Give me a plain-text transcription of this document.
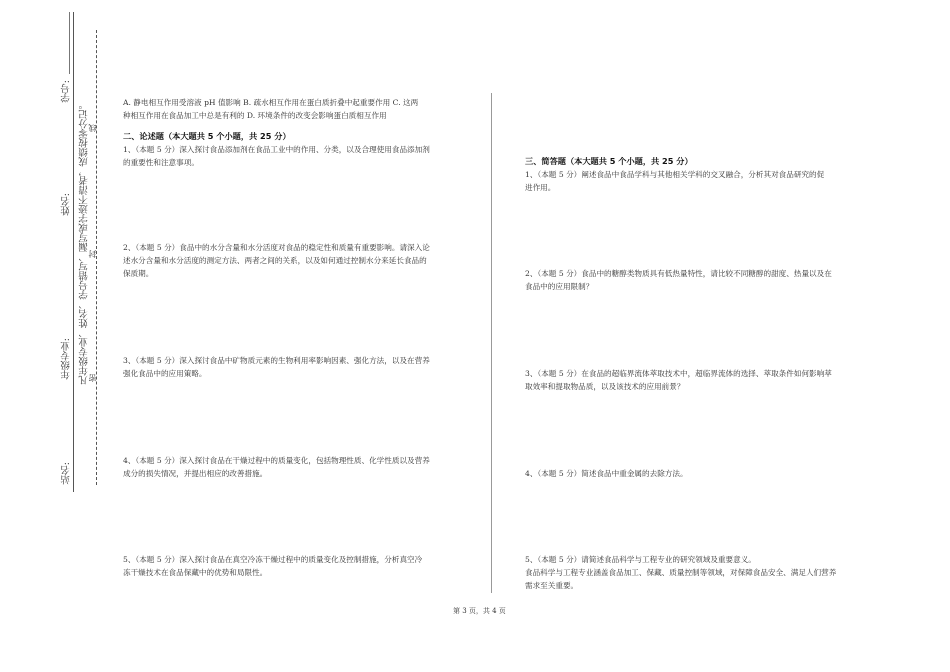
站名:
年级专业:
姓名:
学号:
凡年级专业、姓名、学号错写、漏写或字迹不清者，成绩按零分记。
密
封
线

A. 静电相互作用受溶液 pH 值影响 B. 疏水相互作用在蛋白质折叠中起重要作用 C. 这两

种相互作用在食品加工中总是有利的 D. 环境条件的改变会影响蛋白质相互作用

二、论述题（本大题共 5 个小题，共 25 分）

1、（本题 5 分）深入探讨食品添加剂在食品工业中的作用、分类，以及合理使用食品添加剂

的重要性和注意事项。

2、（本题 5 分）食品中的水分含量和水分活度对食品的稳定性和质量有重要影响。请深入论

述水分含量和水分活度的测定方法、两者之间的关系，以及如何通过控制水分来延长食品的

保质期。

3、（本题 5 分）深入探讨食品中矿物质元素的生物利用率影响因素、强化方法，以及在营养

强化食品中的应用策略。

4、（本题 5 分）深入探讨食品在干燥过程中的质量变化，包括物理性质、化学性质以及营养

成分的损失情况，并提出相应的改善措施。

5、（本题 5 分）深入探讨食品在真空冷冻干燥过程中的质量变化及控制措施，分析真空冷

冻干燥技术在食品保藏中的优势和局限性。

三、简答题（本大题共 5 个小题，共 25 分）

1、（本题 5 分）阐述食品中食品学科与其他相关学科的交叉融合，分析其对食品研究的促

进作用。

2、（本题 5 分）食品中的糖醇类物质具有低热量特性，请比较不同糖醇的甜度、热量以及在

食品中的应用限制？

3、（本题 5 分）在食品的超临界流体萃取技术中，超临界流体的选择、萃取条件如何影响萃

取效率和提取物品质，以及该技术的应用前景？

4、（本题 5 分）简述食品中重金属的去除方法。

5、（本题 5 分）请简述食品科学与工程专业的研究领域及重要意义。

食品科学与工程专业涵盖食品加工、保藏、质量控制等领域，对保障食品安全、满足人们营养

需求至关重要。

第 3 页，共 4 页
